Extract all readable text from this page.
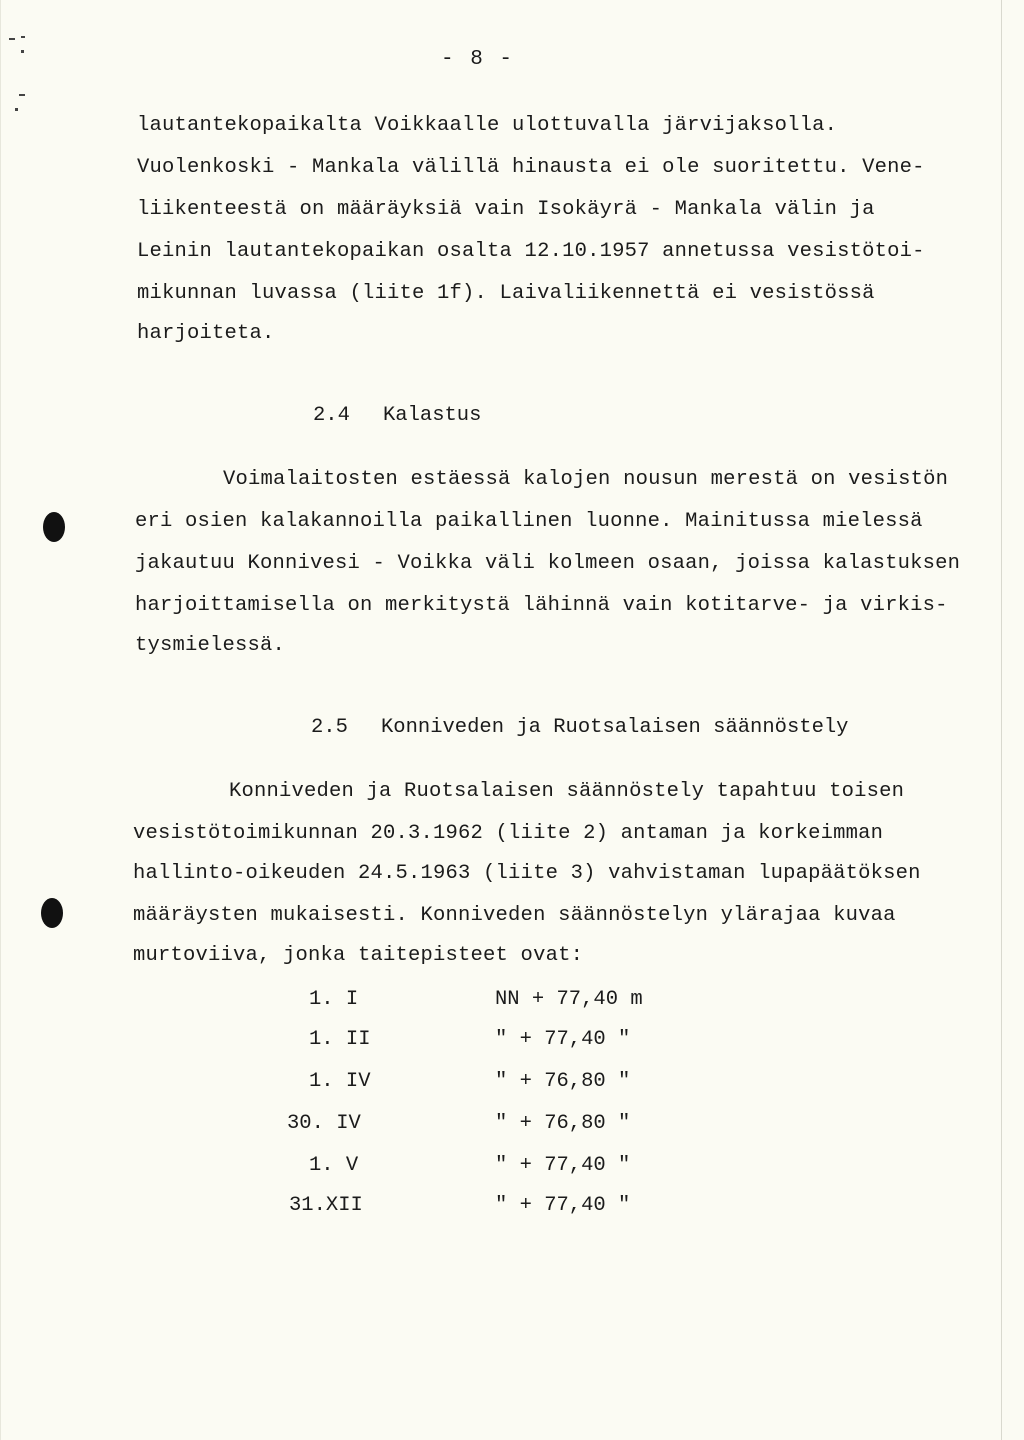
- 8 -
lautantekopaikalta Voikkaalle ulottuvalla järvijaksolla.
Vuolenkoski - Mankala välillä hinausta ei ole suoritettu. Vene-
liikenteestä on määräyksiä vain Isokäyrä - Mankala välin ja
Leinin lautantekopaikan osalta 12.10.1957 annetussa vesistötoi-
mikunnan luvassa (liite 1f). Laivaliikennettä ei vesistössä
harjoiteta.
2.4 Kalastus
Voimalaitosten estäessä kalojen nousun merestä on vesistön
eri osien kalakannoilla paikallinen luonne. Mainitussa mielessä
jakautuu Konnivesi - Voikka väli kolmeen osaan, joissa kalastuksen
harjoittamisella on merkitystä lähinnä vain kotitarve- ja virkis-
tysmielessä.
2.5 Konniveden ja Ruotsalaisen säännöstely
Konniveden ja Ruotsalaisen säännöstely tapahtuu toisen
vesistötoimikunnan 20.3.1962 (liite 2) antaman ja korkeimman
hallinto-oikeuden 24.5.1963 (liite 3) vahvistaman lupapäätöksen
määräysten mukaisesti. Konniveden säännöstelyn ylärajaa kuvaa
murtoviiva, jonka taitepisteet ovat:
1. I	NN + 77,40 m
1. II	" + 77,40 "
1. IV	" + 76,80 "
30. IV	" + 76,80 "
1. V	" + 77,40 "
31.XII	" + 77,40 "
